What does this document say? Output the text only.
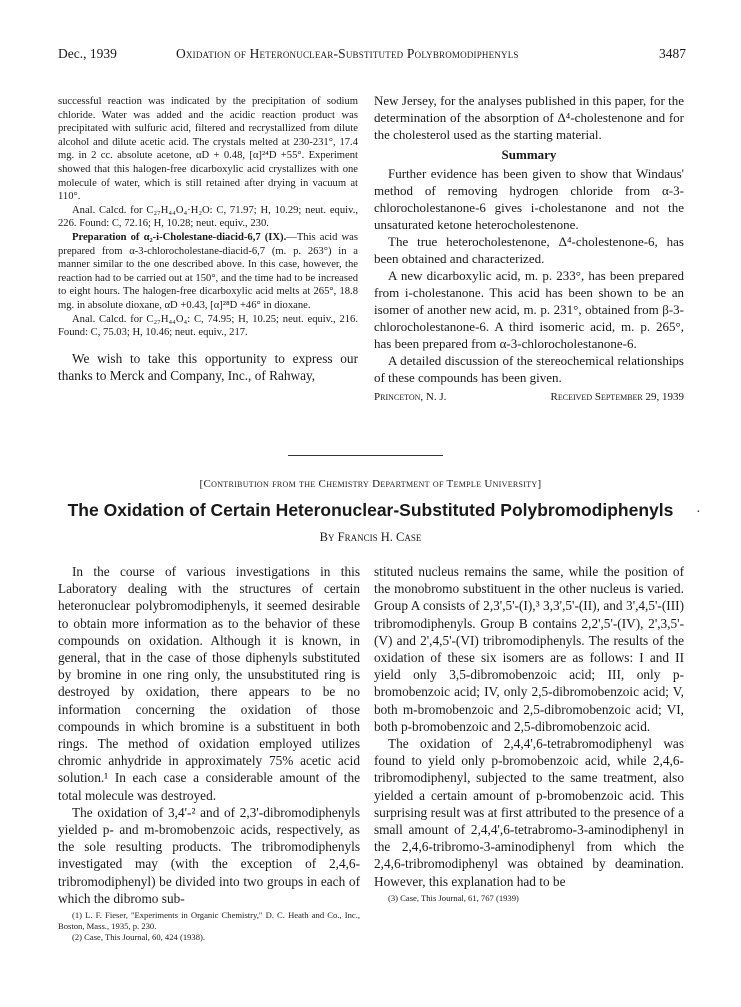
Dec., 1939	Oxidation of Heteronuclear-Substituted Polybromodiphenyls	3487

successful reaction was indicated by the precipitation of sodium chloride. Water was added and the acidic reaction product was precipitated with sulfuric acid, filtered and recrystallized from dilute alcohol and dilute acetic acid. The crystals melted at 230-231°, 17.4 mg. in 2 cc. absolute acetone, αD + 0.48, [α]²⁴D +55°. Experiment showed that this halogen-free dicarboxylic acid crystallizes with one molecule of water, which is still retained after drying in vacuum at 110°.

Anal. Calcd. for C₂₇H₄₄O₄·H₂O: C, 71.97; H, 10.29; neut. equiv., 226. Found: C, 72.16; H, 10.28; neut. equiv., 230.

Preparation of α₂-i-Cholestane-diacid-6,7 (IX).—This acid was prepared from α-3-chlorocholestane-diacid-6,7 (m. p. 263°) in a manner similar to the one described above. In this case, however, the reaction had to be carried out at 150°, and the time had to be increased to eight hours. The halogen-free dicarboxylic acid melts at 265°, 18.8 mg. in absolute dioxane, αD +0.43, [α]²⁸D +46° in dioxane.

Anal. Calcd. for C₂₇H₄₄O₄: C, 74.95; H, 10.25; neut. equiv., 216. Found: C, 75.03; H, 10.46; neut. equiv., 217.

We wish to take this opportunity to express our thanks to Merck and Company, Inc., of Rahway,

New Jersey, for the analyses published in this paper, for the determination of the absorption of Δ⁴-cholestenone and for the cholesterol used as the starting material.

Summary

Further evidence has been given to show that Windaus' method of removing hydrogen chloride from α-3-chlorocholestanone-6 gives i-cholestanone and not the unsaturated ketone heterocholestenone.

The true heterocholestenone, Δ⁴-cholestenone-6, has been obtained and characterized.

A new dicarboxylic acid, m. p. 233°, has been prepared from i-cholestanone. This acid has been shown to be an isomer of another new acid, m. p. 231°, obtained from β-3-chlorocholestanone-6. A third isomeric acid, m. p. 265°, has been prepared from α-3-chlorocholestanone-6.

A detailed discussion of the stereochemical relationships of these compounds has been given.

Princeton, N. J.	Received September 29, 1939
[Contribution from the Chemistry Department of Temple University]
The Oxidation of Certain Heteronuclear-Substituted Polybromodiphenyls	·
By Francis H. Case

In the course of various investigations in this Laboratory dealing with the structures of certain heteronuclear polybromodiphenyls, it seemed desirable to obtain more information as to the behavior of these compounds on oxidation. Although it is known, in general, that in the case of those diphenyls substituted by bromine in one ring only, the unsubstituted ring is destroyed by oxidation, there appears to be no information concerning the oxidation of those compounds in which bromine is a substituent in both rings. The method of oxidation employed utilizes chromic anhydride in approximately 75% acetic acid solution.¹ In each case a considerable amount of the total molecule was destroyed.

The oxidation of 3,4'-² and of 2,3'-dibromodiphenyls yielded p- and m-bromobenzoic acids, respectively, as the sole resulting products. The tribromodiphenyls investigated may (with the exception of 2,4,6-tribromodiphenyl) be divided into two groups in each of which the dibromo sub-

(1) L. F. Fieser, "Experiments in Organic Chemistry," D. C. Heath and Co., Inc., Boston, Mass., 1935, p. 230.

(2) Case, This Journal, 60, 424 (1938).

stituted nucleus remains the same, while the position of the monobromo substituent in the other nucleus is varied. Group A consists of 2,3',5'-(I),³ 3,3',5'-(II), and 3',4,5'-(III) tribromodiphenyls. Group B contains 2,2',5'-(IV), 2',3,5'-(V) and 2',4,5'-(VI) tribromodiphenyls. The results of the oxidation of these six isomers are as follows: I and II yield only 3,5-dibromobenzoic acid; III, only p-bromobenzoic acid; IV, only 2,5-dibromobenzoic acid; V, both m-bromobenzoic and 2,5-dibromobenzoic acid; VI, both p-bromobenzoic and 2,5-dibromobenzoic acid.

The oxidation of 2,4,4',6-tetrabromodiphenyl was found to yield only p-bromobenzoic acid, while 2,4,6-tribromodiphenyl, subjected to the same treatment, also yielded a certain amount of p-bromobenzoic acid. This surprising result was at first attributed to the presence of a small amount of 2,4,4',6-tetrabromo-3-aminodiphenyl in the 2,4,6-tribromo-3-aminodiphenyl from which the 2,4,6-tribromodiphenyl was obtained by deamination. However, this explanation had to be

(3) Case, This Journal, 61, 767 (1939)
